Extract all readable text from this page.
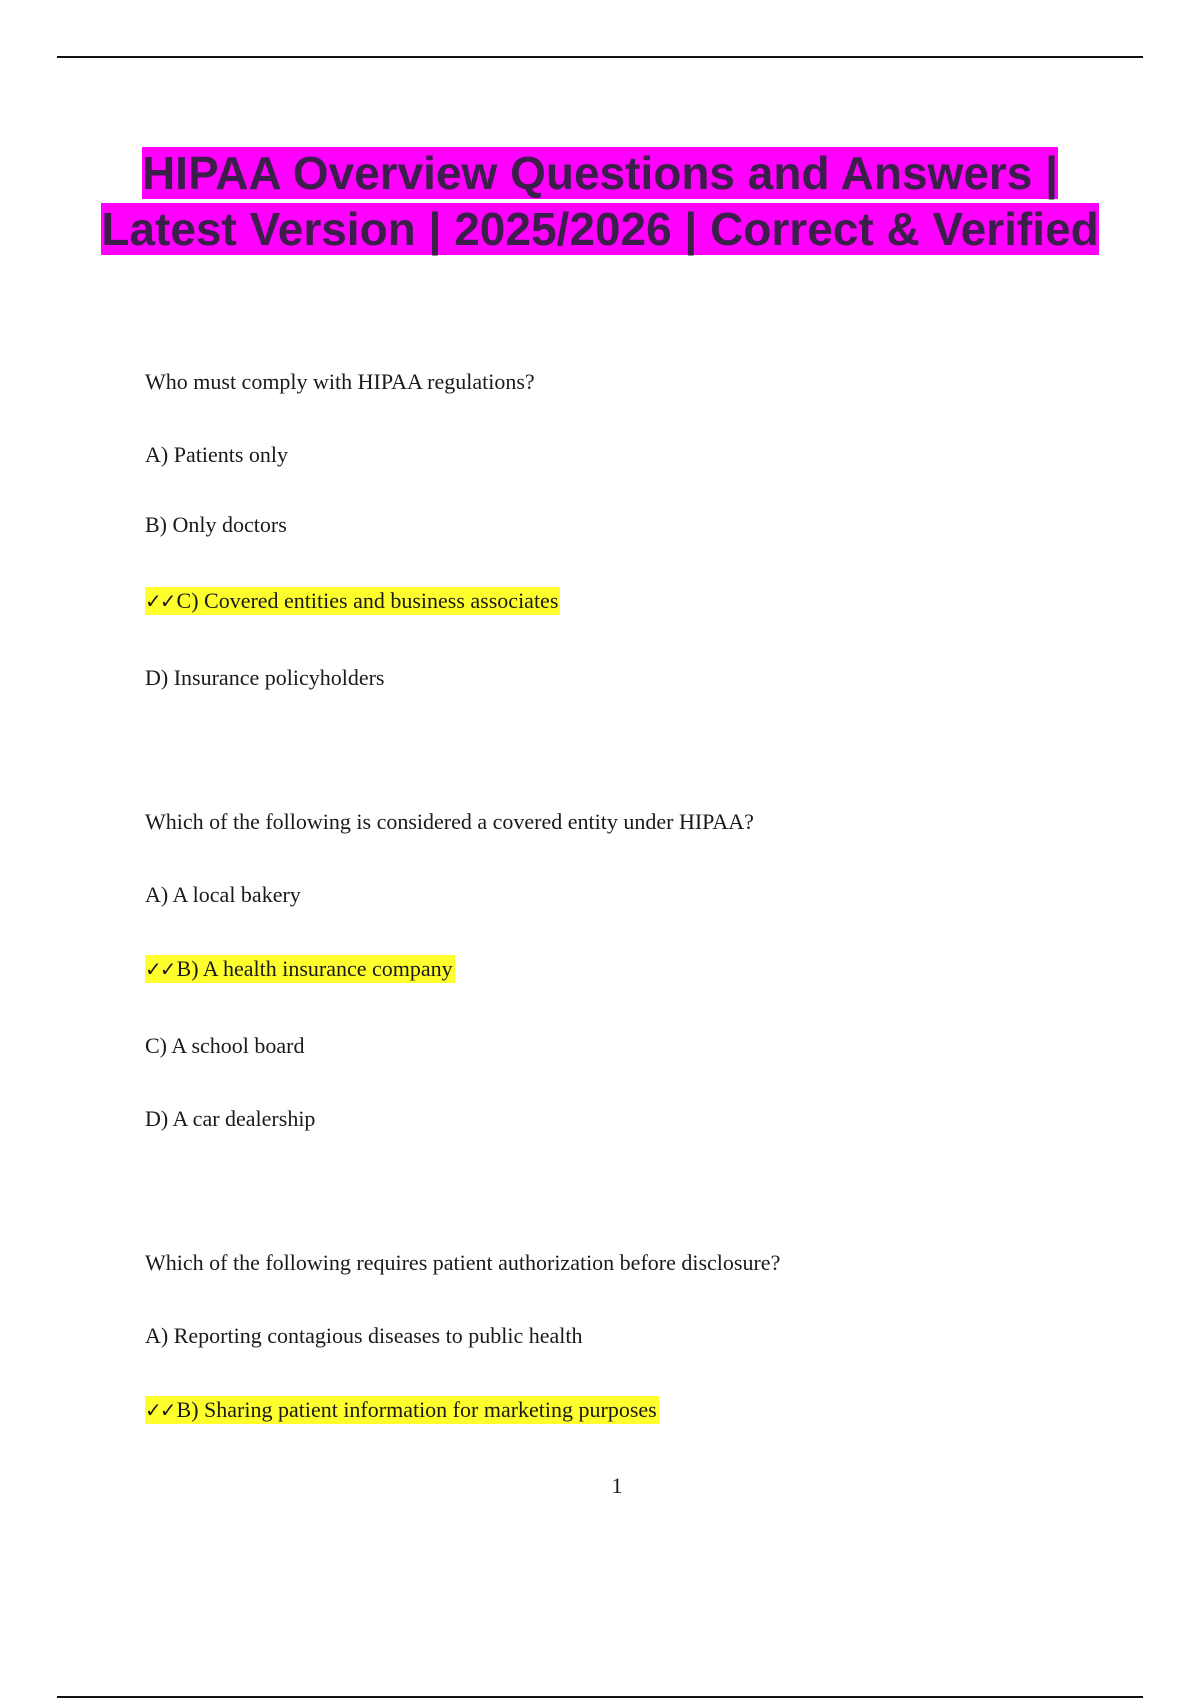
HIPAA Overview Questions and Answers | Latest Version | 2025/2026 | Correct & Verified
Who must comply with HIPAA regulations?
A) Patients only
B) Only doctors
✓✓C) Covered entities and business associates
D) Insurance policyholders
Which of the following is considered a covered entity under HIPAA?
A) A local bakery
✓✓B) A health insurance company
C) A school board
D) A car dealership
Which of the following requires patient authorization before disclosure?
A) Reporting contagious diseases to public health
✓✓B) Sharing patient information for marketing purposes
1
